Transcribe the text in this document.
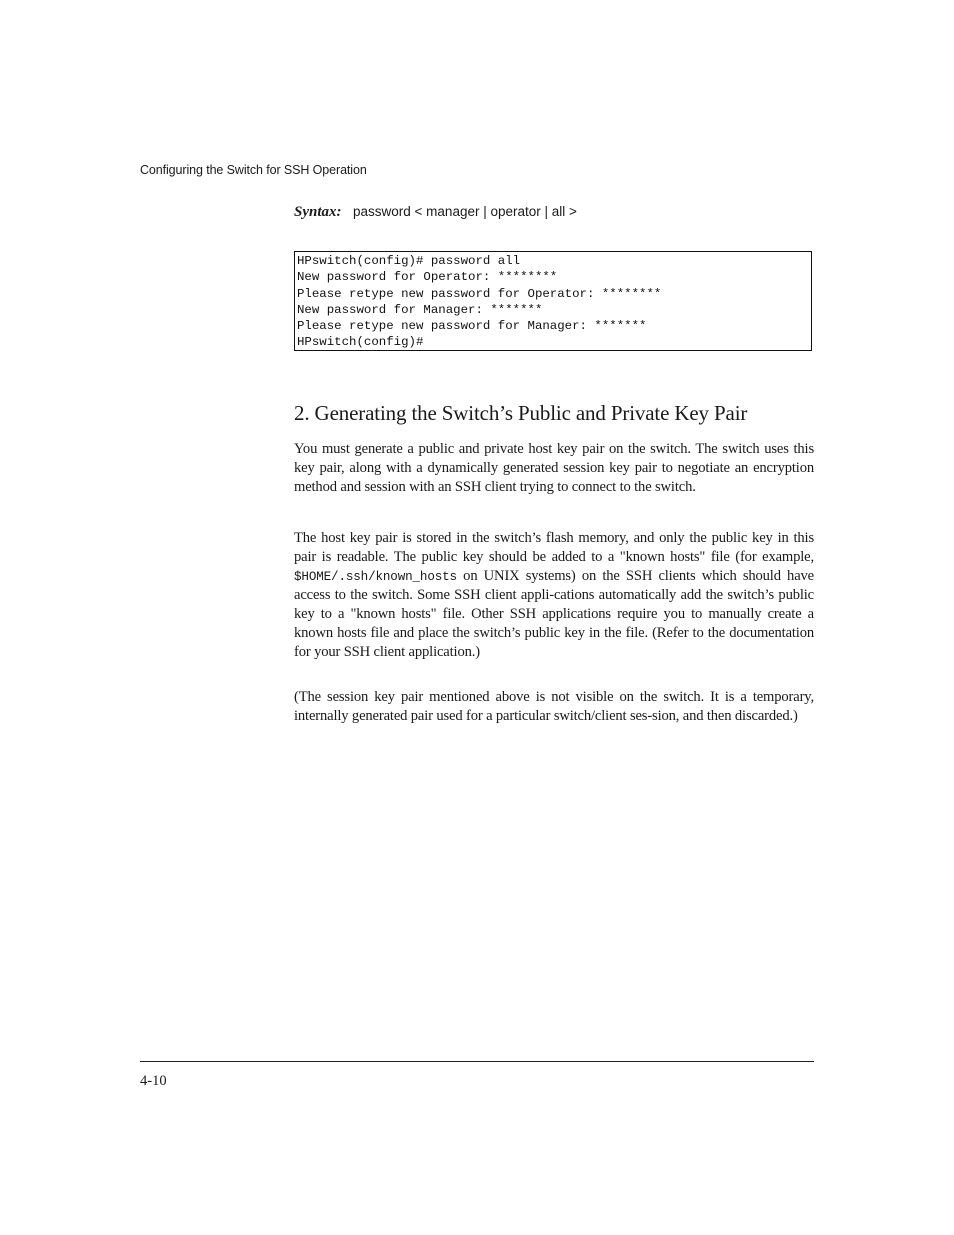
Configuring the Switch for SSH Operation
Syntax: password < manager | operator | all >
HPswitch(config)# password all
New password for Operator: ********
Please retype new password for Operator: ********
New password for Manager: *******
Please retype new password for Manager: *******
HPswitch(config)#
2. Generating the Switch’s Public and Private Key Pair

You must generate a public and private host key pair on the switch. The switch uses this key pair, along with a dynamically generated session key pair to negotiate an encryption method and session with an SSH client trying to connect to the switch.

The host key pair is stored in the switch’s flash memory, and only the public key in this pair is readable. The public key should be added to a "known hosts" file (for example, $HOME/.ssh/known_hosts on UNIX systems) on the SSH clients which should have access to the switch. Some SSH client appli-cations automatically add the switch’s public key to a "known hosts" file. Other SSH applications require you to manually create a known hosts file and place the switch’s public key in the file. (Refer to the documentation for your SSH client application.)

(The session key pair mentioned above is not visible on the switch. It is a temporary, internally generated pair used for a particular switch/client ses-sion, and then discarded.)

4-10
